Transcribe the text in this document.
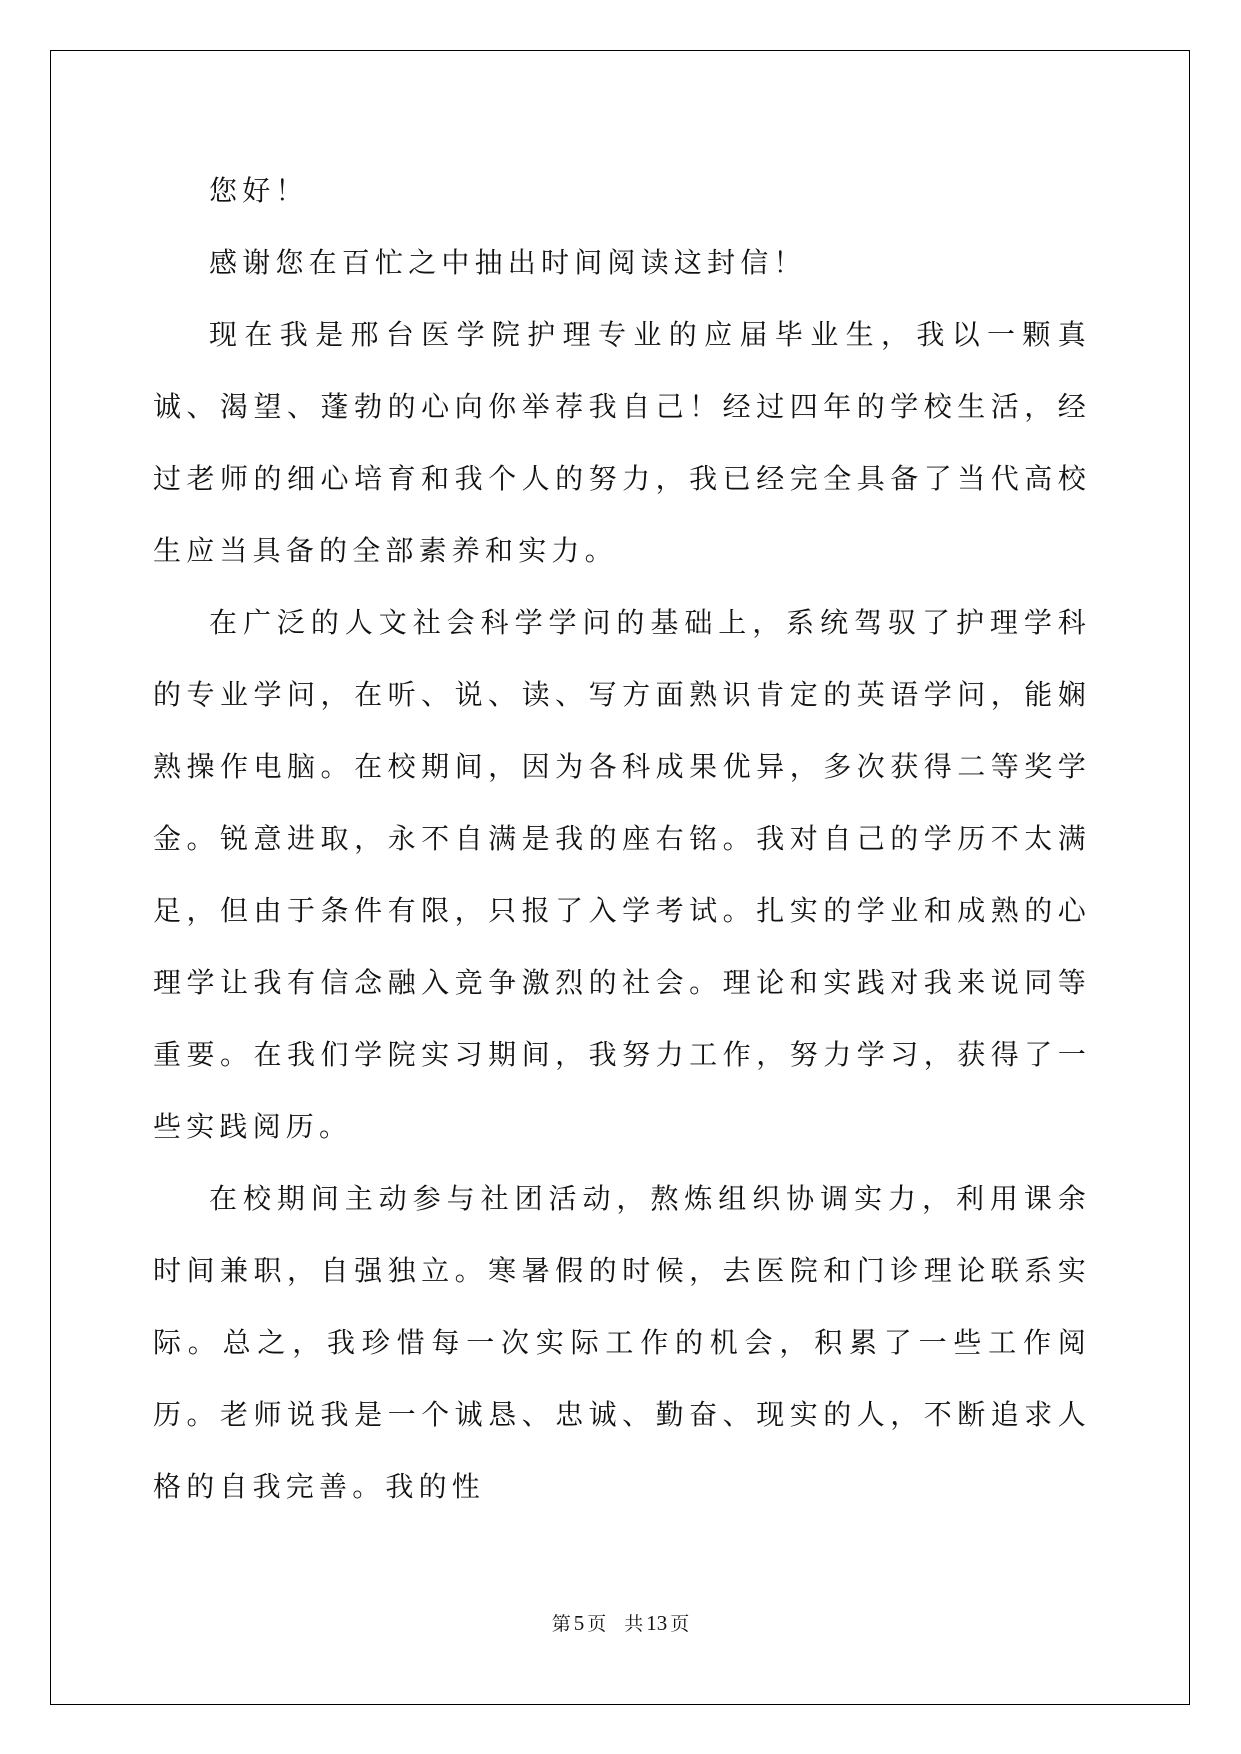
您好！

感谢您在百忙之中抽出时间阅读这封信！

现在我是邢台医学院护理专业的应届毕业生，我以一颗真诚、渴望、蓬勃的心向你举荐我自己！经过四年的学校生活，经过老师的细心培育和我个人的努力，我已经完全具备了当代高校生应当具备的全部素养和实力。

在广泛的人文社会科学学问的基础上，系统驾驭了护理学科的专业学问，在听、说、读、写方面熟识肯定的英语学问，能娴熟操作电脑。在校期间，因为各科成果优异，多次获得二等奖学金。锐意进取，永不自满是我的座右铭。我对自己的学历不太满足，但由于条件有限，只报了入学考试。扎实的学业和成熟的心理学让我有信念融入竞争激烈的社会。理论和实践对我来说同等重要。在我们学院实习期间，我努力工作，努力学习，获得了一些实践阅历。

在校期间主动参与社团活动，熬炼组织协调实力，利用课余时间兼职，自强独立。寒暑假的时候，去医院和门诊理论联系实际。总之，我珍惜每一次实际工作的机会，积累了一些工作阅历。老师说我是一个诚恳、忠诚、勤奋、现实的人，不断追求人格的自我完善。我的性

第 5 页 共 13 页
